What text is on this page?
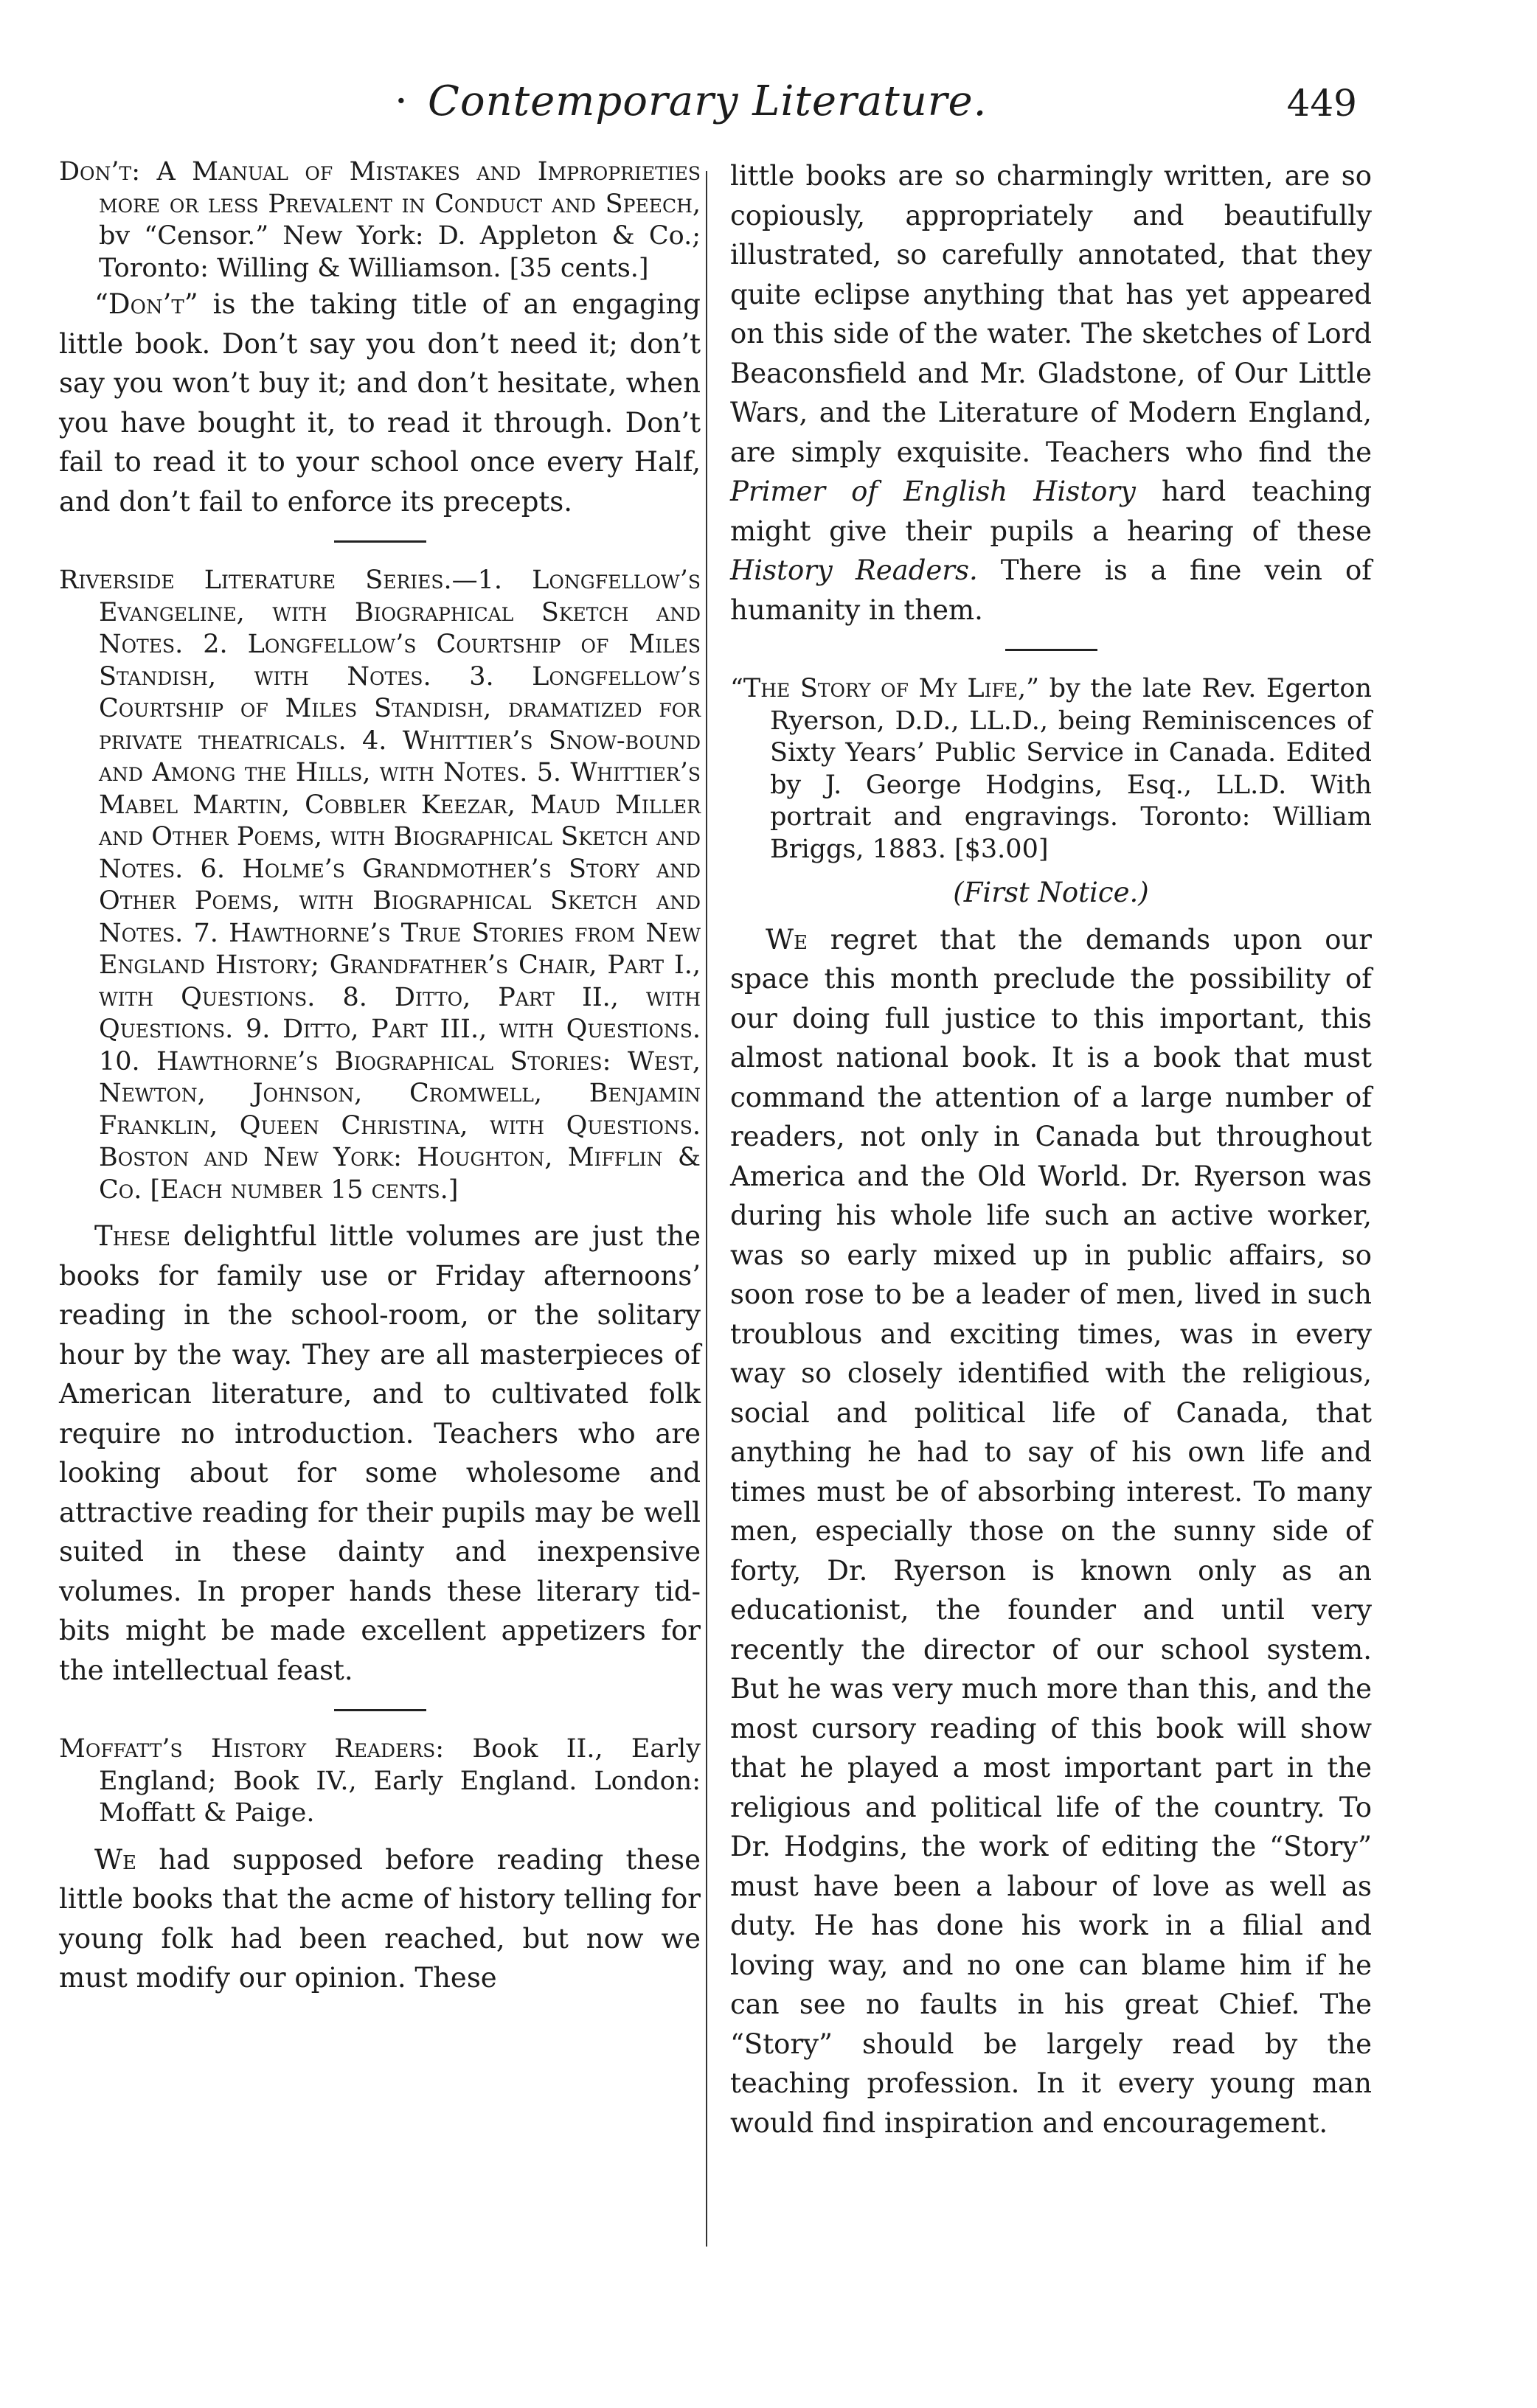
· Contemporary Literature.	449

Don’t: A Manual of Mistakes and Improprieties more or less Prevalent in Conduct and Speech, bv “Censor.” New York: D. Appleton & Co.; Toronto: Willing & Williamson. [35 cents.]

“Don’t” is the taking title of an engaging little book. Don’t say you don’t need it; don’t say you won’t buy it; and don’t hesitate, when you have bought it, to read it through. Don’t fail to read it to your school once every Half, and don’t fail to enforce its precepts.

Riverside Literature Series.—1. Longfellow’s Evangeline, with Biographical Sketch and Notes. 2. Longfellow’s Courtship of Miles Standish, with Notes. 3. Longfellow’s Courtship of Miles Standish, dramatized for private theatricals. 4. Whittier’s Snow-bound and Among the Hills, with Notes. 5. Whittier’s Mabel Martin, Cobbler Keezar, Maud Miller and Other Poems, with Biographical Sketch and Notes. 6. Holme’s Grandmother’s Story and Other Poems, with Biographical Sketch and Notes. 7. Hawthorne’s True Stories from New England History; Grandfather’s Chair, Part I., with Questions. 8. Ditto, Part II., with Questions. 9. Ditto, Part III., with Questions. 10. Hawthorne’s Biographical Stories: West, Newton, Johnson, Cromwell, Benjamin Franklin, Queen Christina, with Questions. Boston and New York: Houghton, Mifflin & Co. [Each number 15 cents.]

These delightful little volumes are just the books for family use or Friday afternoons’ reading in the school-room, or the solitary hour by the way. They are all masterpieces of American literature, and to cultivated folk require no introduction. Teachers who are looking about for some wholesome and attractive reading for their pupils may be well suited in these dainty and inexpensive volumes. In proper hands these literary tid-bits might be made excellent appetizers for the intellectual feast.

Moffatt’s History Readers: Book II., Early England; Book IV., Early England. London: Moffatt & Paige.

We had supposed before reading these little books that the acme of history telling for young folk had been reached, but now we must modify our opinion. These

little books are so charmingly written, are so copiously, appropriately and beautifully illustrated, so carefully annotated, that they quite eclipse anything that has yet appeared on this side of the water. The sketches of Lord Beaconsfield and Mr. Gladstone, of Our Little Wars, and the Literature of Modern England, are simply exquisite. Teachers who find the Primer of English History hard teaching might give their pupils a hearing of these History Readers. There is a fine vein of humanity in them.

“The Story of My Life,” by the late Rev. Egerton Ryerson, D.D., LL.D., being Reminiscences of Sixty Years’ Public Service in Canada. Edited by J. George Hodgins, Esq., LL.D. With portrait and engravings. Toronto: William Briggs, 1883. [$3.00]

(First Notice.)

We regret that the demands upon our space this month preclude the possibility of our doing full justice to this important, this almost national book. It is a book that must command the attention of a large number of readers, not only in Canada but throughout America and the Old World. Dr. Ryerson was during his whole life such an active worker, was so early mixed up in public affairs, so soon rose to be a leader of men, lived in such troublous and exciting times, was in every way so closely identified with the religious, social and political life of Canada, that anything he had to say of his own life and times must be of absorbing interest. To many men, especially those on the sunny side of forty, Dr. Ryerson is known only as an educationist, the founder and until very recently the director of our school system. But he was very much more than this, and the most cursory reading of this book will show that he played a most important part in the religious and political life of the country. To Dr. Hodgins, the work of editing the “Story” must have been a labour of love as well as duty. He has done his work in a filial and loving way, and no one can blame him if he can see no faults in his great Chief. The “Story” should be largely read by the teaching profession. In it every young man would find inspiration and encouragement.
